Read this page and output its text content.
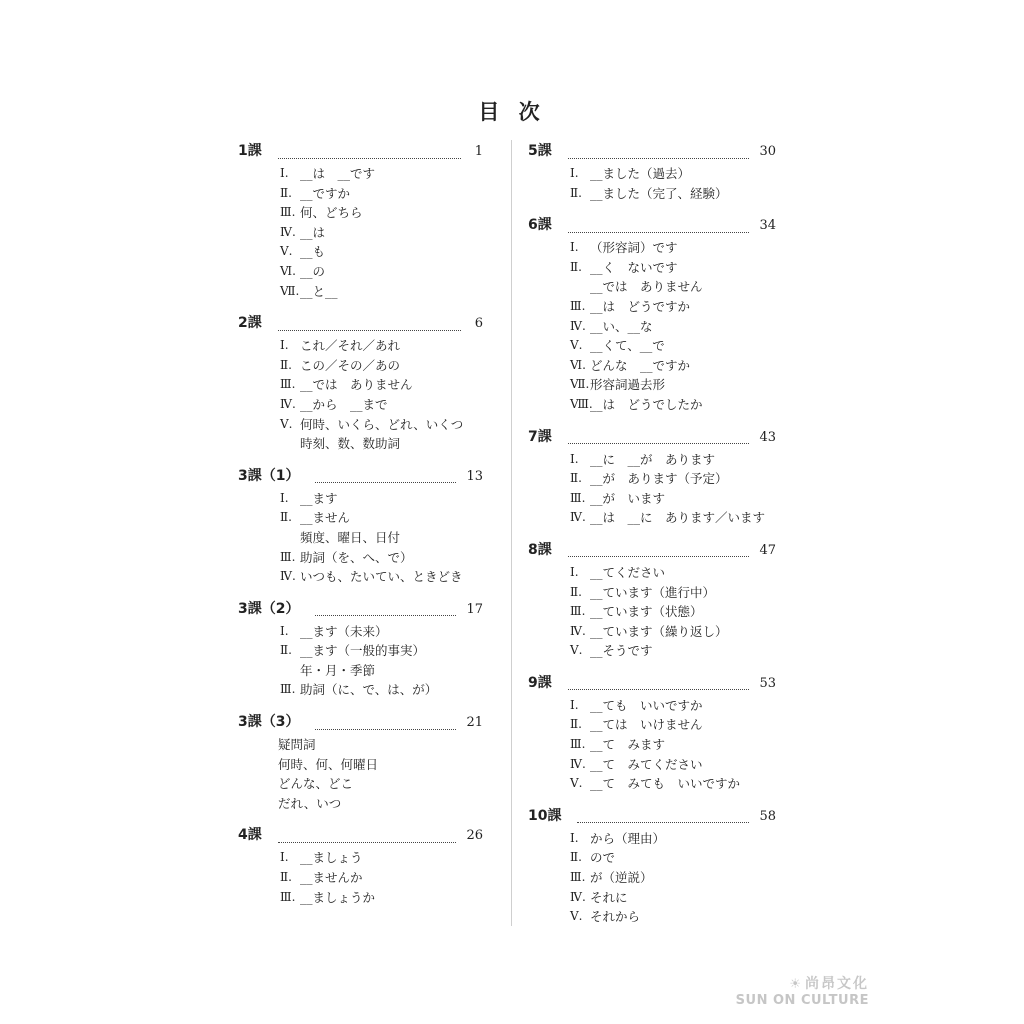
目 次
1課	1
Ⅰ. __は　__です
Ⅱ. __ですか
Ⅲ. 何、どちら
Ⅳ. __は
Ⅴ. __も
Ⅵ. __の
Ⅶ. __と__
2課	6
Ⅰ. これ／それ／あれ
Ⅱ. この／その／あの
Ⅲ. __では　ありません
Ⅳ. __から　__まで
Ⅴ. 何時、いくら、どれ、いくつ
時刻、数、数助詞
3課（1）	13
Ⅰ. __ます
Ⅱ. __ません
頻度、曜日、日付
Ⅲ. 助詞（を、へ、で）
Ⅳ. いつも、たいてい、ときどき
3課（2）	17
Ⅰ. __ます（未来）
Ⅱ. __ます（一般的事実）
年・月・季節
Ⅲ. 助詞（に、で、は、が）
3課（3）	21
疑問詞
何時、何、何曜日
どんな、どこ
だれ、いつ
4課	26
Ⅰ. __ましょう
Ⅱ. __ませんか
Ⅲ. __ましょうか
5課	30
Ⅰ. __ました（過去）
Ⅱ. __ました（完了、経験）
6課	34
Ⅰ. （形容詞）です
Ⅱ. __く　ないです
__では　ありません
Ⅲ. __は　どうですか
Ⅳ. __い、__な
Ⅴ. __くて、__で
Ⅵ. どんな　__ですか
Ⅶ. 形容詞過去形
Ⅷ.
__は　どうでしたか
7課	43
Ⅰ. __に　__が　あります
Ⅱ. __が　あります（予定）
Ⅲ. __が　います
Ⅳ. __は　__に　あります／います
8課	47
Ⅰ. __てください
Ⅱ. __ています（進行中）
Ⅲ. __ています（状態）
Ⅳ. __ています（繰り返し）
Ⅴ. __そうです
9課	53
Ⅰ. __ても　いいですか
Ⅱ. __ては　いけません
Ⅲ. __て　みます
Ⅳ. __て　みてください
Ⅴ. __て　みても　いいですか
10課	58
Ⅰ. から（理由）
Ⅱ. ので
Ⅲ. が（逆説）
Ⅳ. それに
Ⅴ. それから
☀ 尚昂文化
SUN ON CULTURE
